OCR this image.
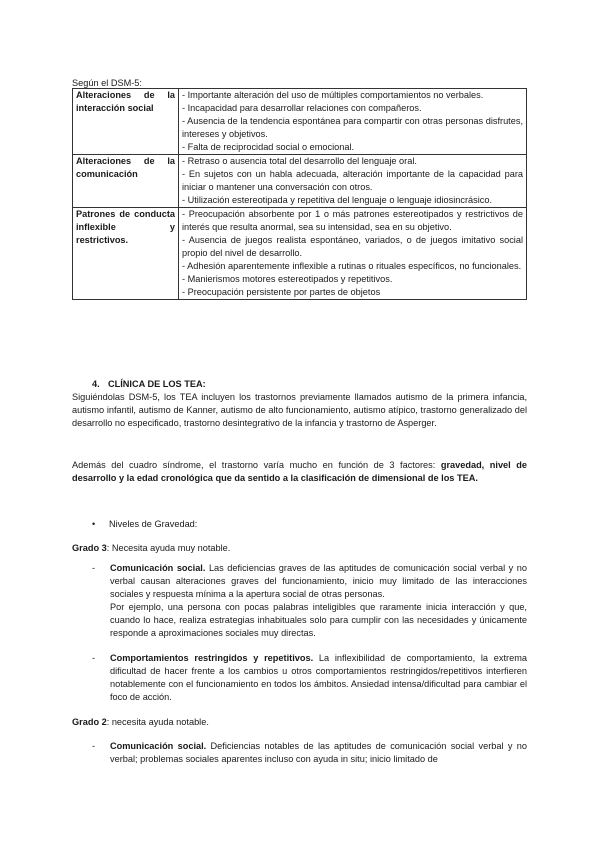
Según el DSM-5:
Alteraciones de la interacción social	- Importante alteración del uso de múltiples comportamientos no verbales.
- Incapacidad para desarrollar relaciones con compañeros.
- Ausencia de la tendencia espontánea para compartir con otras personas disfrutes, intereses y objetivos.
- Falta de reciprocidad social o emocional.

Alteraciones de la comunicación	- Retraso o ausencia total del desarrollo del lenguaje oral.
- En sujetos con un habla adecuada, alteración importante de la capacidad para iniciar o mantener una conversación con otros.
- Utilización estereotipada y repetitiva del lenguaje o lenguaje idiosincrásico.

Patrones de conducta inflexible y restrictivos.	- Preocupación absorbente por 1 o más patrones estereotipados y restrictivos de interés que resulta anormal, sea su intensidad, sea en su objetivo.
- Ausencia de juegos realista espontáneo, variados, o de juegos imitativo social propio del nivel de desarrollo.
- Adhesión aparentemente inflexible a rutinas o rituales específicos, no funcionales.
- Manierismos motores estereotipados y repetitivos.
- Preocupación persistente por partes de objetos
4. CLÍNICA DE LOS TEA:
Siguiéndolas DSM-5, los TEA incluyen los trastornos previamente llamados autismo de la primera infancia, autismo infantil, autismo de Kanner, autismo de alto funcionamiento, autismo atípico, trastorno generalizado del desarrollo no especificado, trastorno desintegrativo de la infancia y trastorno de Asperger.
Además del cuadro síndrome, el trastorno varía mucho en función de 3 factores: gravedad, nivel de desarrollo y la edad cronológica que da sentido a la clasificación de dimensional de los TEA.
• Niveles de Gravedad:
Grado 3: Necesita ayuda muy notable.
- Comunicación social. Las deficiencias graves de las aptitudes de comunicación social verbal y no verbal causan alteraciones graves del funcionamiento, inicio muy limitado de las interacciones sociales y respuesta mínima a la apertura social de otras personas.
Por ejemplo, una persona con pocas palabras inteligibles que raramente inicia interacción y que, cuando lo hace, realiza estrategias inhabituales solo para cumplir con las necesidades y únicamente responde a aproximaciones sociales muy directas.
- Comportamientos restringidos y repetitivos. La inflexibilidad de comportamiento, la extrema dificultad de hacer frente a los cambios u otros comportamientos restringidos/repetitivos interfieren notablemente con el funcionamiento en todos los ámbitos. Ansiedad intensa/dificultad para cambiar el foco de acción.
Grado 2: necesita ayuda notable.
- Comunicación social. Deficiencias notables de las aptitudes de comunicación social verbal y no verbal; problemas sociales aparentes incluso con ayuda in situ; inicio limitado de
